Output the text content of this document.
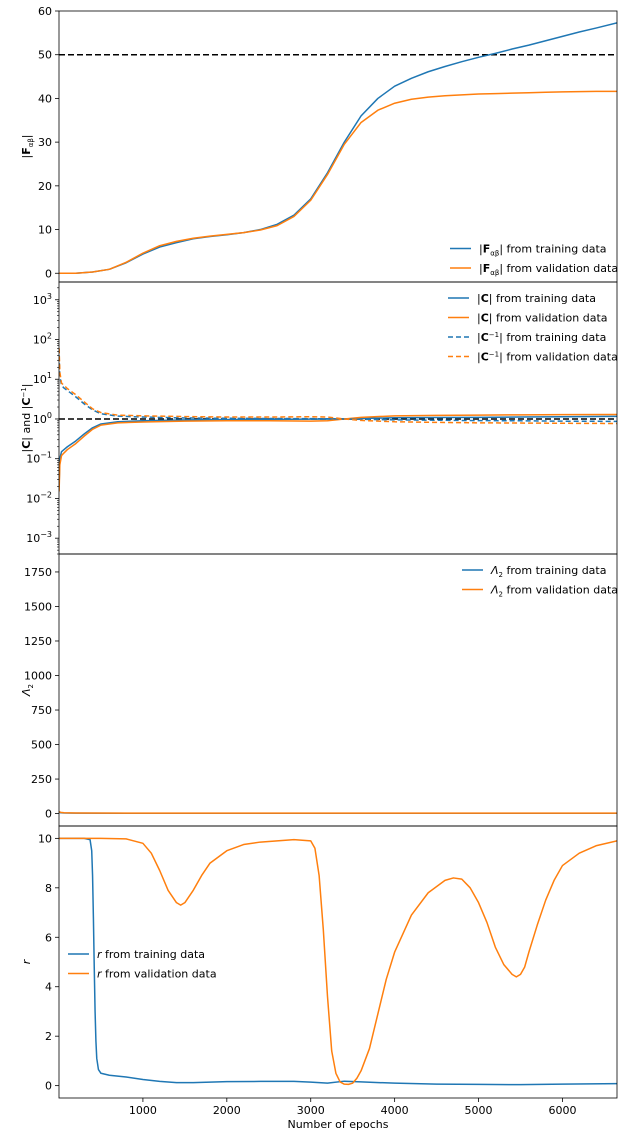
0
10
20
30
40
50
60
$|F_{\alpha\beta}|$
$|F_{\alpha\beta}|$ from training data
$|F_{\alpha\beta}|$ from validation data
$10^{-3}$
$10^{-2}$
$10^{-1}$
$10^0$
$10^1$
$10^2$
$10^3$
|C| and $|C^{-1}|$
|C| from training data
|C| from validation data
$|C^{-1}|$ from training data
$|C^{-1}|$ from validation data
0
250
500
750
1000
1250
1500
1750
$\Lambda_2$
$\Lambda_2$ from training data
$\Lambda_2$ from validation data
0
2
4
6
8
10
1000	2000	3000	4000	5000	6000
r
Number of epochs
r from training data
r from validation data
